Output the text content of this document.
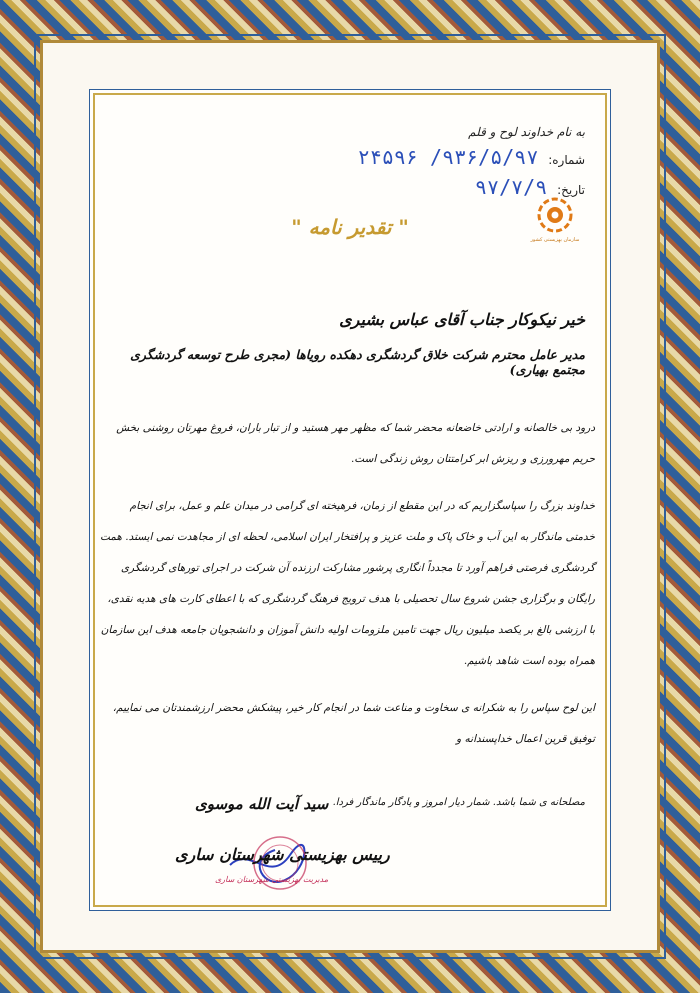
به نام خداوند لوح و قلم
شماره: ۹۳۶/۵/۹۷/ ۲۴۵۹۶
تاریخ: ۹۷/۷/۹
سازمان بهزیستی کشور
" تقدیر نامه "
خیر نیکوکار جناب آقای عباس بشیری
مدیر عامل محترم شرکت خلاق گردشگری دهکده رویاها (مجری طرح توسعه گردشگری مجتمع بهیاری)

درود بی خالصانه و ارادتی خاضعانه محضر شما که مظهر مهر هستید و از تبار باران، فروغ مهرتان روشنی بخش حریم مهرورزی و ریزش ابر کرامتتان روش زندگی است.

خداوند بزرگ را سپاسگزاریم که در این مقطع از زمان، فرهیخته ای گرامی در میدان علم و عمل، برای انجام خدمتی ماندگار به این آب و خاک پاک و ملت عزیز و پرافتخار ایران اسلامی، لحظه ای از مجاهدت نمی ایستد. همت گردشگری فرصتی فراهم آورد تا مجدداً انگاری پرشور مشارکت ارزنده آن شرکت در اجرای تورهای گردشگری رایگان و برگزاری جشن شروع سال تحصیلی با هدف ترویج فرهنگ گردشگری که با اعطای کارت های هدیه نقدی، با ارزشی بالغ بر یکصد میلیون ریال جهت تامین ملزومات اولیه دانش آموزان و دانشجویان جامعه هدف این سازمان همراه بوده است شاهد باشیم.

این لوح سپاس را به شکرانه ی سخاوت و مناعت شما در انجام کار خیر، پیشکش محضر ارزشمندتان می نماییم، توفیق قرین اعمال خداپسندانه و

مصلحانه ی شما باشد. شمار دیار امروز و یادگار ماندگار فردا.
سید آیت الله موسوی
رییس بهزیستی شهرستان ساری
مدیریت بهزیستی شهرستان ساری
